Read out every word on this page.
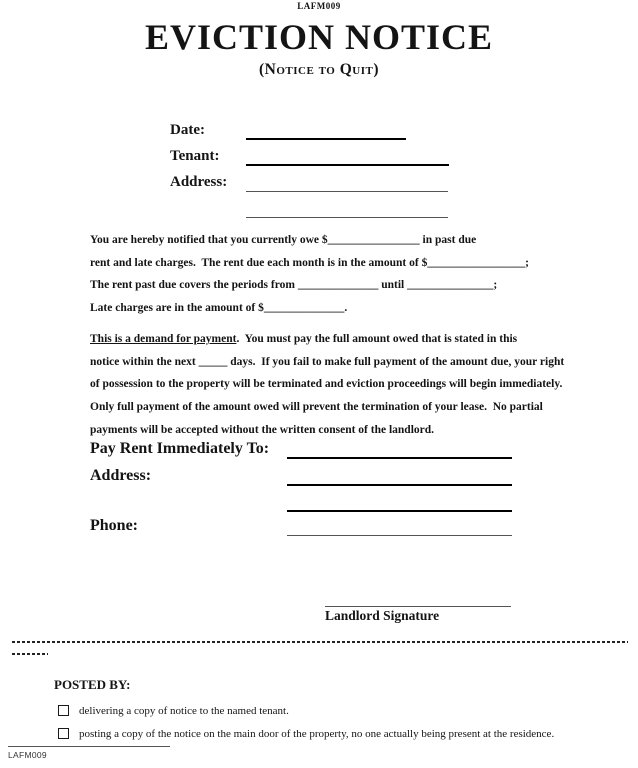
LAFM009
EVICTION NOTICE
(Notice to Quit)
Date:
Tenant:
Address:
You are hereby notified that you currently owe $________________ in past due
rent and late charges.  The rent due each month is in the amount of $_________________;
The rent past due covers the periods from ______________ until _______________;
Late charges are in the amount of $______________.
This is a demand for payment.  You must pay the full amount owed that is stated in this
notice within the next _____ days.  If you fail to make full payment of the amount due, your right
of possession to the property will be terminated and eviction proceedings will begin immediately.
Only full payment of the amount owed will prevent the termination of your lease.  No partial
payments will be accepted without the written consent of the landlord.
Pay Rent Immediately To:
Address:
Phone:
Landlord Signature
POSTED BY:
delivering a copy of notice to the named tenant.
posting a copy of the notice on the main door of the property, no one actually being present at the residence.
LAFM009
